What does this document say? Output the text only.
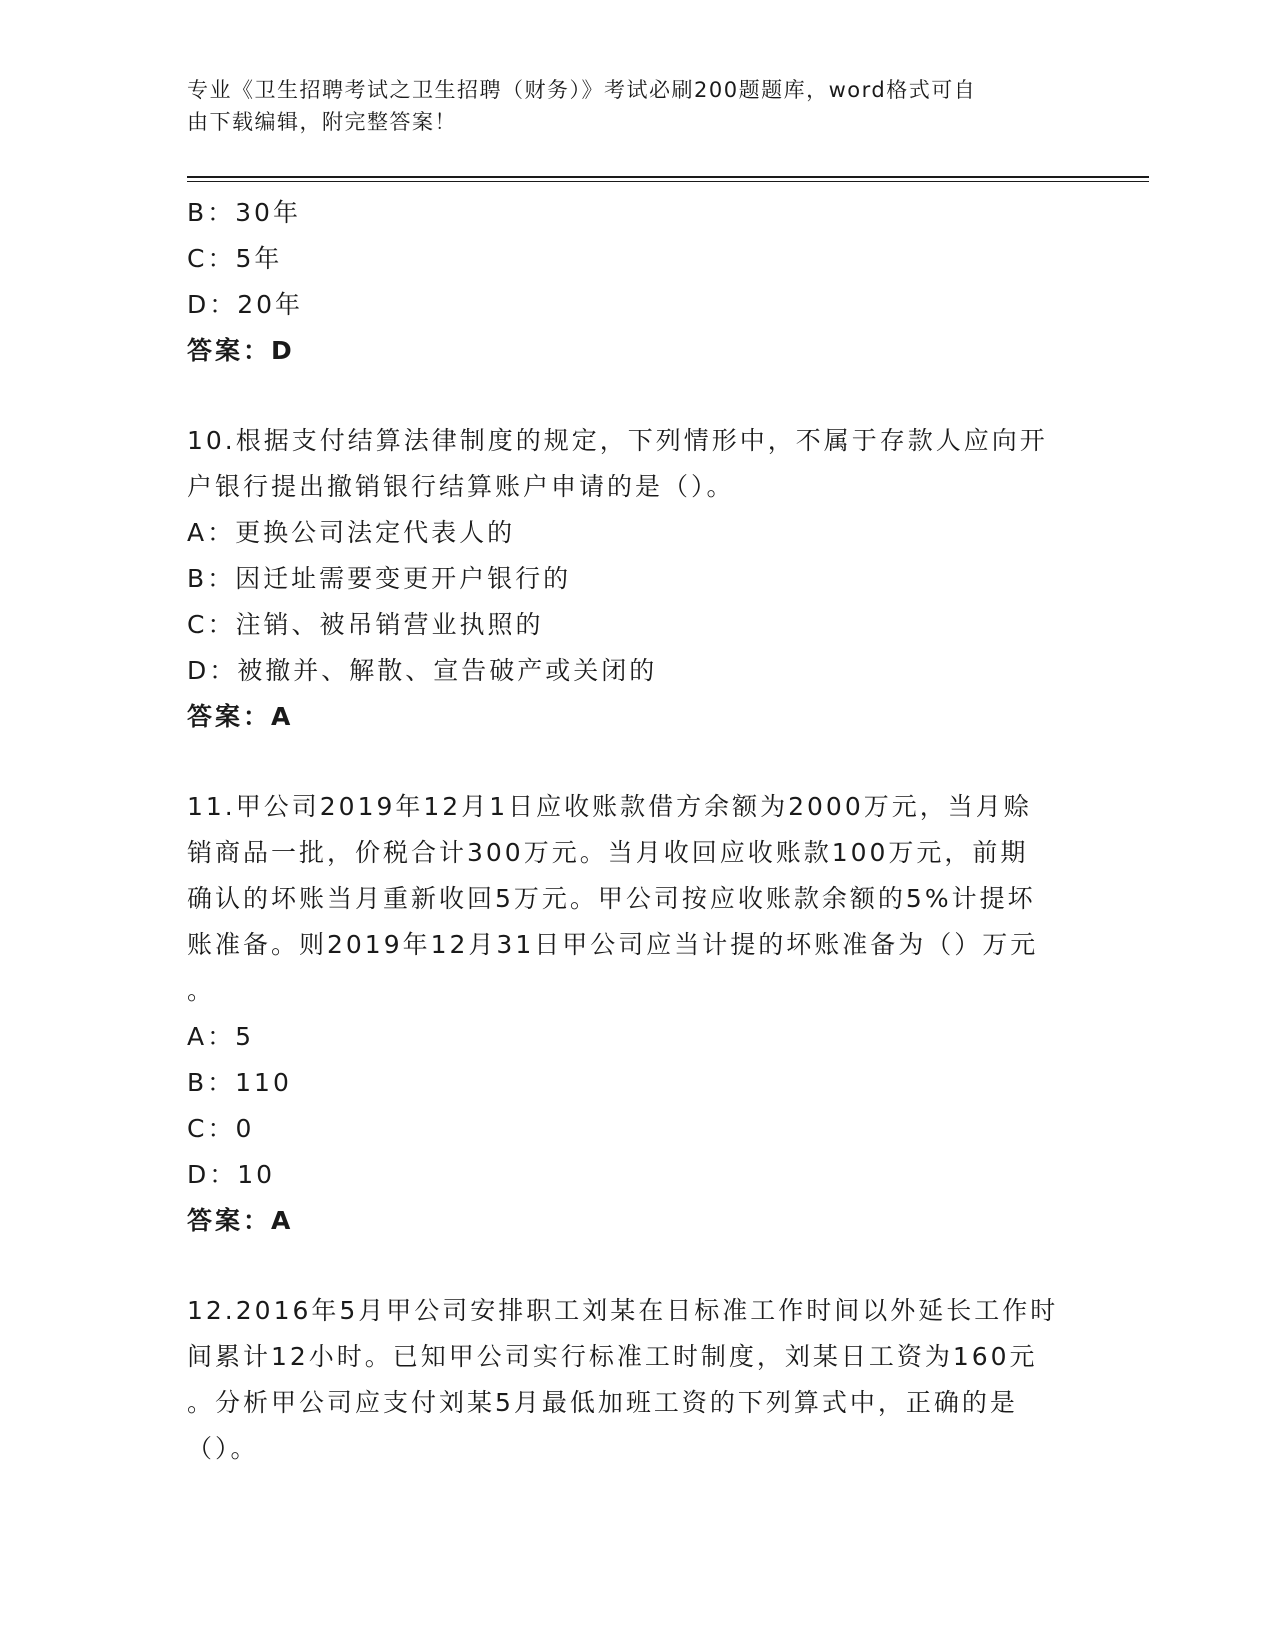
专业《卫生招聘考试之卫生招聘（财务）》考试必刷200题题库，word格式可自
由下载编辑，附完整答案！
B：30年
C：5年
D：20年
答案：D
10.根据支付结算法律制度的规定，下列情形中，不属于存款人应向开
户银行提出撤销银行结算账户申请的是（）。
A：更换公司法定代表人的
B：因迁址需要变更开户银行的
C：注销、被吊销营业执照的
D：被撤并、解散、宣告破产或关闭的
答案：A
11.甲公司2019年12月1日应收账款借方余额为2000万元，当月赊
销商品一批，价税合计300万元。当月收回应收账款100万元，前期
确认的坏账当月重新收回5万元。甲公司按应收账款余额的5%计提坏
账准备。则2019年12月31日甲公司应当计提的坏账准备为（）万元
。
A：5
B：110
C：0
D：10
答案：A
12.2016年5月甲公司安排职工刘某在日标准工作时间以外延长工作时
间累计12小时。已知甲公司实行标准工时制度，刘某日工资为160元
。分析甲公司应支付刘某5月最低加班工资的下列算式中，正确的是
（）。
